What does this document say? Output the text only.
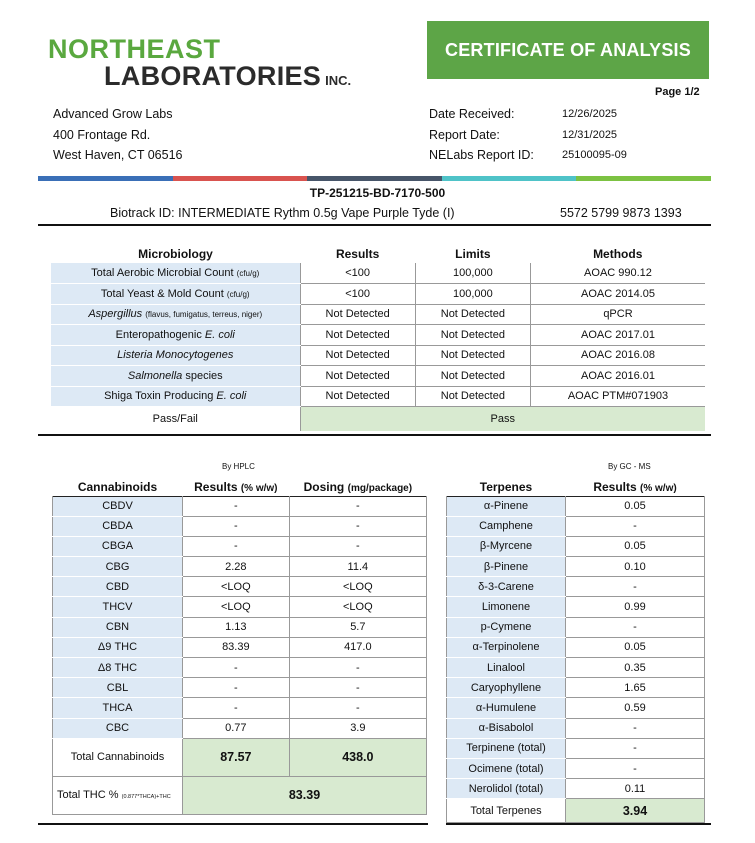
NORTHEAST
LABORATORIES INC.
CERTIFICATE OF ANALYSIS
Page 1/2
Advanced Grow Labs
400 Frontage Rd.
West Haven, CT 06516
Date Received:	12/26/2025
Report Date:	12/31/2025
NELabs Report ID:	25100095-09
TP-251215-BD-7170-500
Biotrack ID: INTERMEDIATE Rythm 0.5g Vape Purple Tyde (I)	5572 5799 9873 1393
Microbiology	Results	Limits	Methods
Total Aerobic Microbial Count (cfu/g)	<100	100,000	AOAC 990.12
Total Yeast & Mold Count (cfu/g)	<100	100,000	AOAC 2014.05
Aspergillus (flavus, fumigatus, terreus, niger)	Not Detected	Not Detected	qPCR
Enteropathogenic E. coli	Not Detected	Not Detected	AOAC 2017.01
Listeria Monocytogenes	Not Detected	Not Detected	AOAC 2016.08
Salmonella species	Not Detected	Not Detected	AOAC 2016.01
Shiga Toxin Producing E. coli	Not Detected	Not Detected	AOAC PTM#071903
Pass/Fail	Pass		
By HPLC	By GC - MS
Cannabinoids	Results (% w/w)	Dosing (mg/package)
CBDV	-	-
CBDA	-	-
CBGA	-	-
CBG	2.28	11.4
CBD	<LOQ	<LOQ
THCV	<LOQ	<LOQ
CBN	1.13	5.7
Δ9 THC	83.39	417.0
Δ8 THC	-	-
CBL	-	-
THCA	-	-
CBC	0.77	3.9
Total Cannabinoids	87.57	438.0
Total THC % (0.877*THCA)+THC	83.39	
Terpenes	Results (% w/w)
α-Pinene	0.05
Camphene	-
β-Myrcene	0.05
β-Pinene	0.10
δ-3-Carene	-
Limonene	0.99
p-Cymene	-
α-Terpinolene	0.05
Linalool	0.35
Caryophyllene	1.65
α-Humulene	0.59
α-Bisabolol	-
Terpinene (total)	-
Ocimene (total)	-
Nerolidol (total)	0.11
Total Terpenes	3.94
